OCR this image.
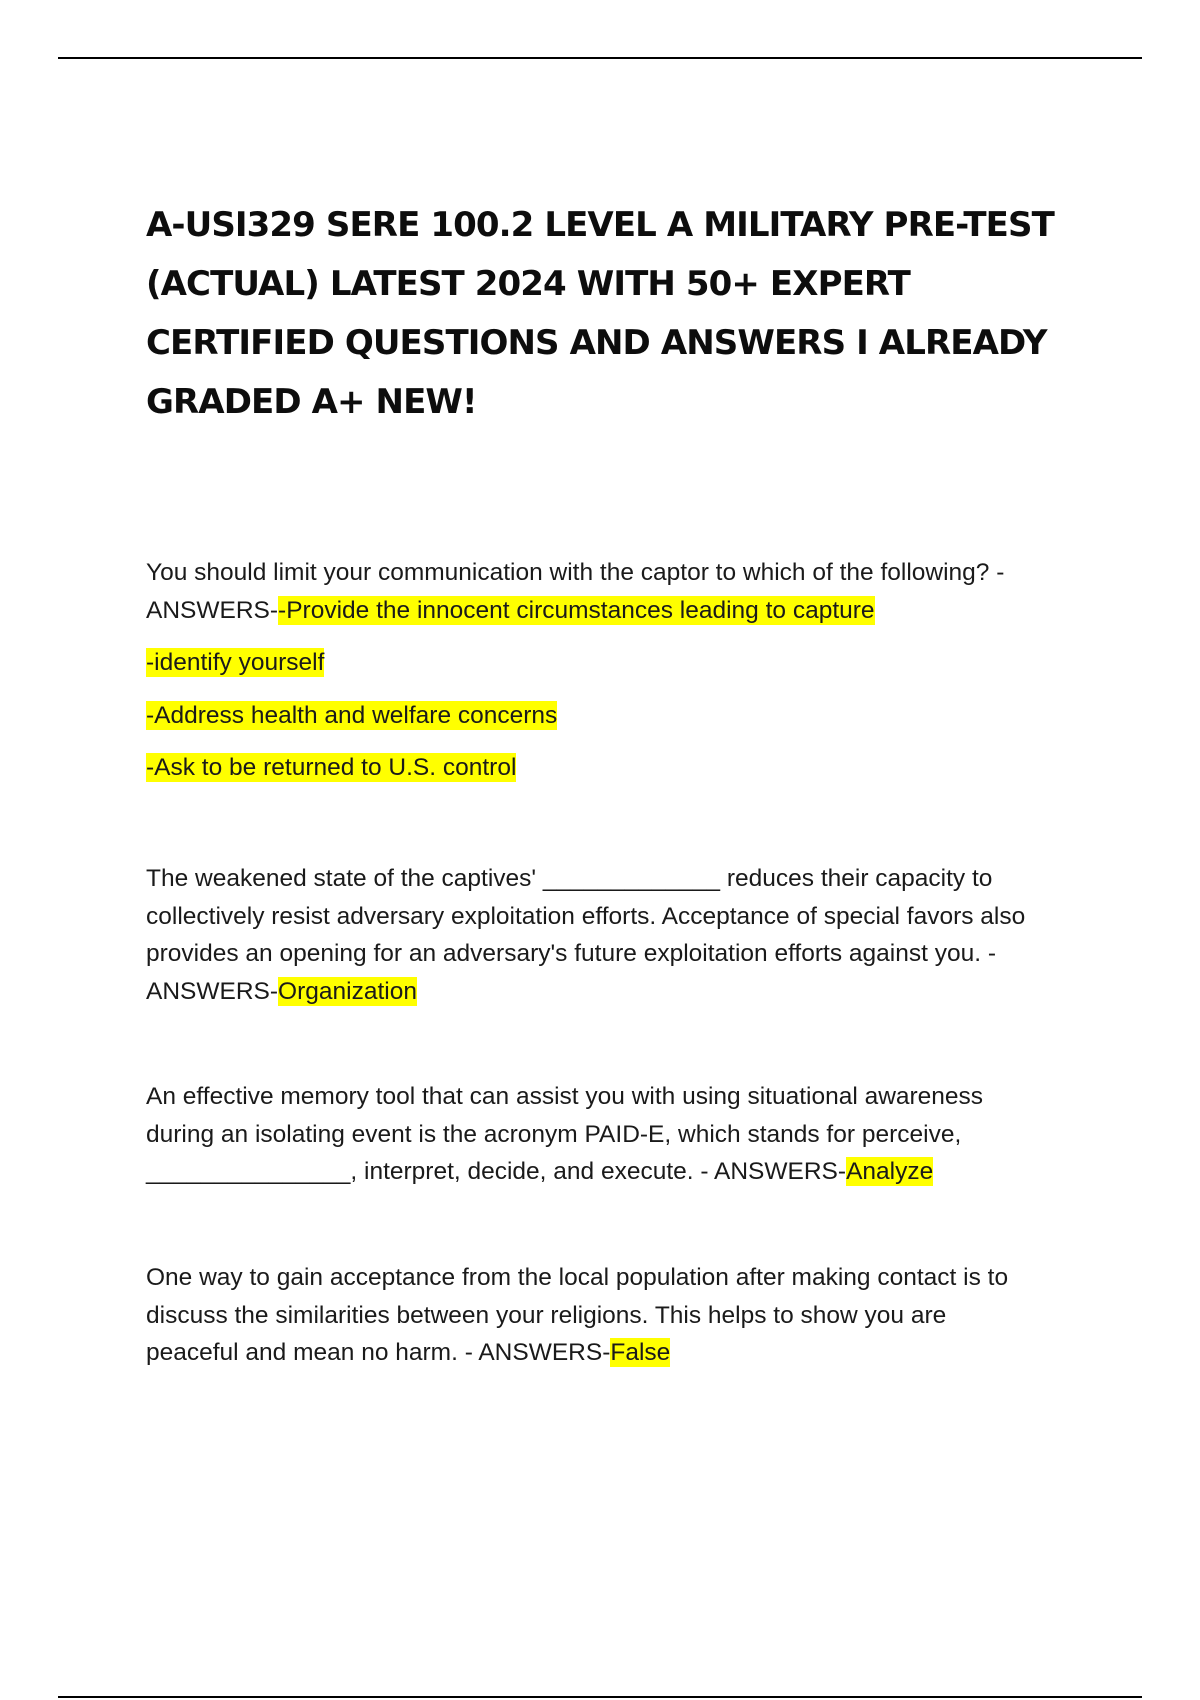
A-USI329 SERE 100.2 LEVEL A MILITARY PRE-TEST
(ACTUAL) LATEST 2024 WITH 50+ EXPERT
CERTIFIED QUESTIONS AND ANSWERS I ALREADY
GRADED A+ NEW!

You should limit your communication with the captor to which of the following? -
ANSWERS--Provide the innocent circumstances leading to capture

-identify yourself
-Address health and welfare concerns
-Ask to be returned to U.S. control

The weakened state of the captives' _____________ reduces their capacity to
collectively resist adversary exploitation efforts. Acceptance of special favors also
provides an opening for an adversary's future exploitation efforts against you. -
ANSWERS-Organization

An effective memory tool that can assist you with using situational awareness
during an isolating event is the acronym PAID-E, which stands for perceive,
_______________, interpret, decide, and execute. - ANSWERS-Analyze

One way to gain acceptance from the local population after making contact is to
discuss the similarities between your religions. This helps to show you are
peaceful and mean no harm. - ANSWERS-False
